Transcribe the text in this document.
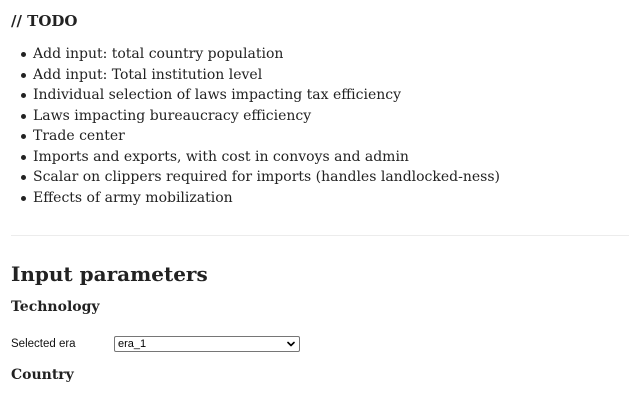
// TODO
Add input: total country population
Add input: Total institution level
Individual selection of laws impacting tax efficiency
Laws impacting bureaucracy efficiency
Trade center
Imports and exports, with cost in convoys and admin
Scalar on clippers required for imports (handles landlocked-ness)
Effects of army mobilization
Input parameters
Technology
Selected era	era_1
Country
